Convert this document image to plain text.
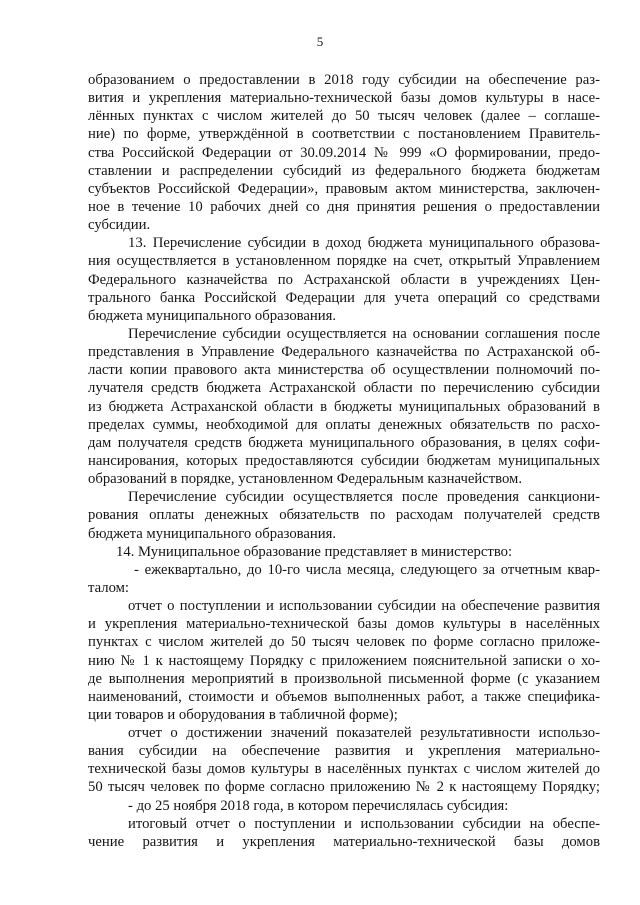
5
образованием о предоставлении в 2018 году субсидии на обеспечение раз-
вития и укрепления материально-технической базы домов культуры в насе-
лённых пунктах с числом жителей до 50 тысяч человек (далее – соглаше-
ние) по форме, утверждённой в соответствии с постановлением Правитель-
ства Российской Федерации от 30.09.2014 № 999 «О формировании, предо-
ставлении и распределении субсидий из федерального бюджета бюджетам
субъектов Российской Федерации», правовым актом министерства, заключен-
ное в течение 10 рабочих дней со дня принятия решения о предоставлении
субсидии.
13. Перечисление субсидии в доход бюджета муниципального образова-
ния осуществляется в установленном порядке на счет, открытый Управлением
Федерального казначейства по Астраханской области в учреждениях Цен-
трального банка Российской Федерации для учета операций со средствами
бюджета муниципального образования.
Перечисление субсидии осуществляется на основании соглашения после
представления в Управление Федерального казначейства по Астраханской об-
ласти копии правового акта министерства об осуществлении полномочий по-
лучателя средств бюджета Астраханской области по перечислению субсидии
из бюджета Астраханской области в бюджеты муниципальных образований в
пределах суммы, необходимой для оплаты денежных обязательств по расхо-
дам получателя средств бюджета муниципального образования, в целях софи-
нансирования, которых предоставляются субсидии бюджетам муниципальных
образований в порядке, установленном Федеральным казначейством.
Перечисление субсидии осуществляется после проведения санкциони-
рования оплаты денежных обязательств по расходам получателей средств
бюджета муниципального образования.
14. Муниципальное образование представляет в министерство:
- ежеквартально, до 10-го числа месяца, следующего за отчетным квар-
талом:
отчет о поступлении и использовании субсидии на обеспечение развития
и укрепления материально-технической базы домов культуры в населённых
пунктах с числом жителей до 50 тысяч человек по форме согласно приложе-
нию № 1 к настоящему Порядку с приложением пояснительной записки о хо-
де выполнения мероприятий в произвольной письменной форме (с указанием
наименований, стоимости и объемов выполненных работ, а также специфика-
ции товаров и оборудования в табличной форме);
отчет о достижении значений показателей результативности использо-
вания субсидии на обеспечение развития и укрепления материально-
технической базы домов культуры в населённых пунктах с числом жителей до
50 тысяч человек по форме согласно приложению № 2 к настоящему Порядку;
- до 25 ноября 2018 года, в котором перечислялась субсидия:
итоговый отчет о поступлении и использовании субсидии на обеспе-
чение развития и укрепления материально-технической базы домов
